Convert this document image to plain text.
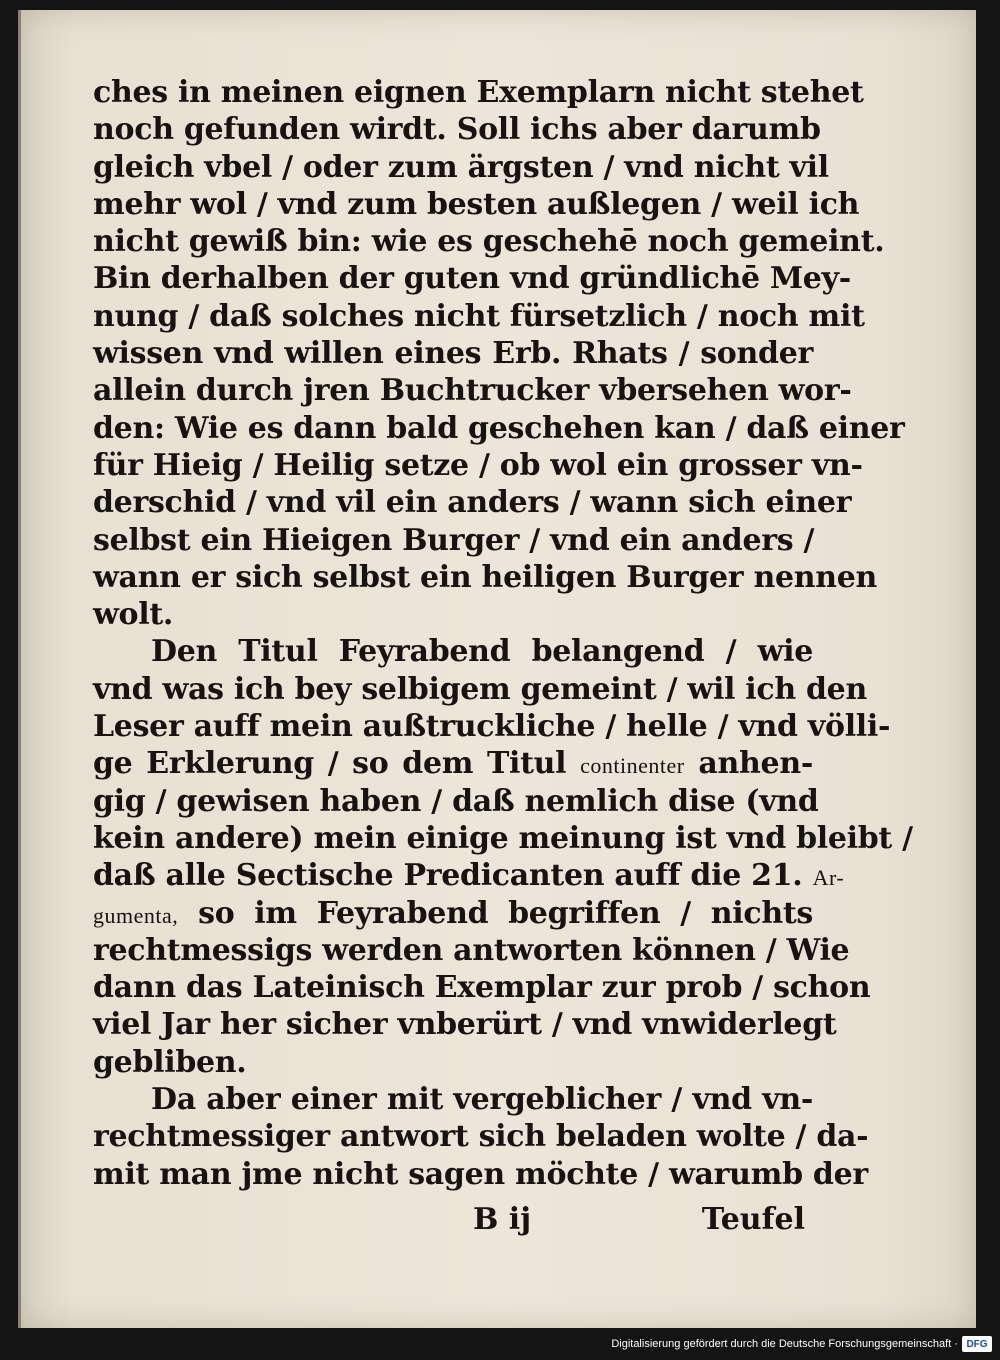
ches in meinen eignen Exemplarn nicht stehet
noch gefunden wirdt. Soll ichs aber darumb
gleich vbel / oder zum ärgsten / vnd nicht vil
mehr wol / vnd zum besten außlegen / weil ich
nicht gewiß bin: wie es geschehē noch gemeint.
Bin derhalben der guten vnd gründlichē Mey-
nung / daß solches nicht fürsetzlich / noch mit
wissen vnd willen eines Erb. Rhats / sonder
allein durch jren Buchtrucker vbersehen wor-
den: Wie es dann bald geschehen kan / daß einer
für Hieig / Heilig setze / ob wol ein grosser vn-
derschid / vnd vil ein anders / wann sich einer
selbst ein Hieigen Burger / vnd ein anders /
wann er sich selbst ein heiligen Burger nennen
wolt.
Den Titul Feyrabend belangend / wie
vnd was ich bey selbigem gemeint / wil ich den
Leser auff mein außtruckliche / helle / vnd völli-
ge Erklerung / so dem Titul continenter anhen-
gig / gewisen haben / daß nemlich dise (vnd
kein andere) mein einige meinung ist vnd bleibt /
daß alle Sectische Predicanten auff die 21. Ar-
gumenta, so im Feyrabend begriffen / nichts
rechtmessigs werden antworten können / Wie
dann das Lateinisch Exemplar zur prob / schon
viel Jar her sicher vnberürt / vnd vnwiderlegt
gebliben.
Da aber einer mit vergeblicher / vnd vn-
rechtmessiger antwort sich beladen wolte / da-
mit man jme nicht sagen möchte / warumb der
B ij	Teufel
Digitalisierung gefördert durch die Deutsche Forschungsgemeinschaft · DFG
